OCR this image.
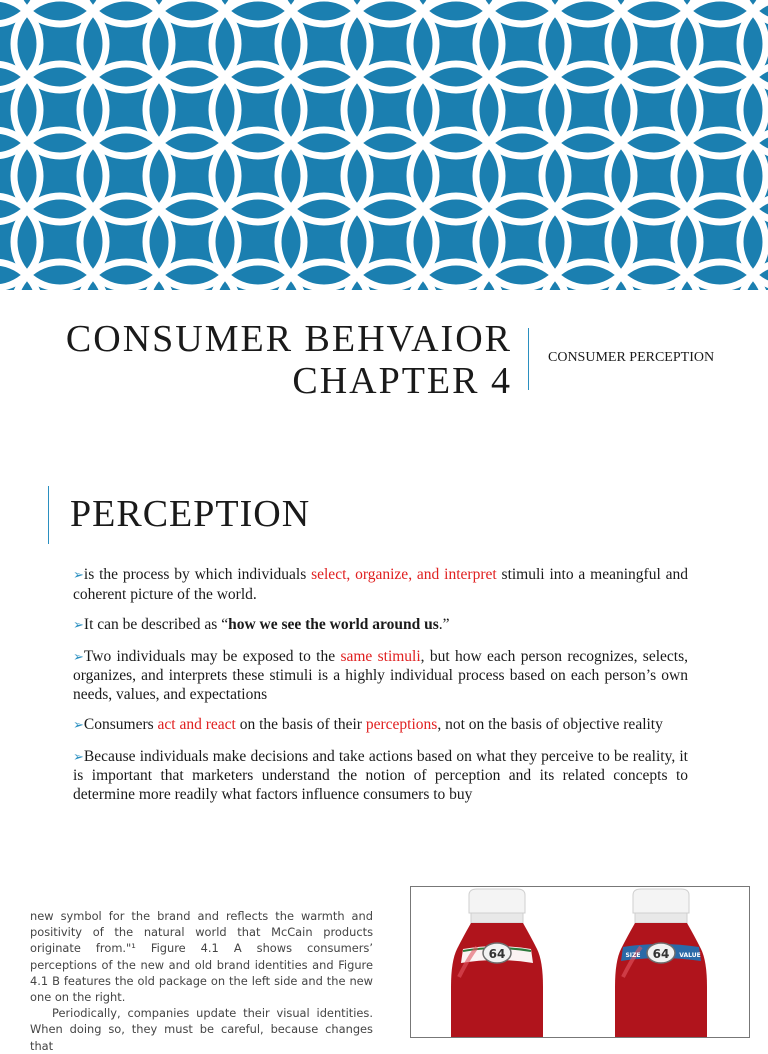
CONSUMER BEHVAIOR
CHAPTER 4
CONSUMER PERCEPTION
PERCEPTION
➢is the process by which individuals select, organize, and interpret stimuli into a meaningful and coherent picture of the world.
➢It can be described as “how we see the world around us.”
➢Two individuals may be exposed to the same stimuli, but how each person recognizes, selects, organizes, and interprets these stimuli is a highly individual process based on each person’s own needs, values, and expectations
➢Consumers act and react on the basis of their perceptions, not on the basis of objective reality
➢Because individuals make decisions and take actions based on what they perceive to be reality, it is important that marketers understand the notion of perception and its related concepts to determine more readily what factors influence consumers to buy

new symbol for the brand and reflects the warmth and positivity of the natural world that McCain products originate from."¹ Figure 4.1 A shows consumers’ perceptions of the new and old brand identities and Figure 4.1 B features the old package on the left side and the new one on the right.

Periodically, companies update their visual identities. When doing so, they must be careful, because changes that

64	64
SIZE	VALUE
